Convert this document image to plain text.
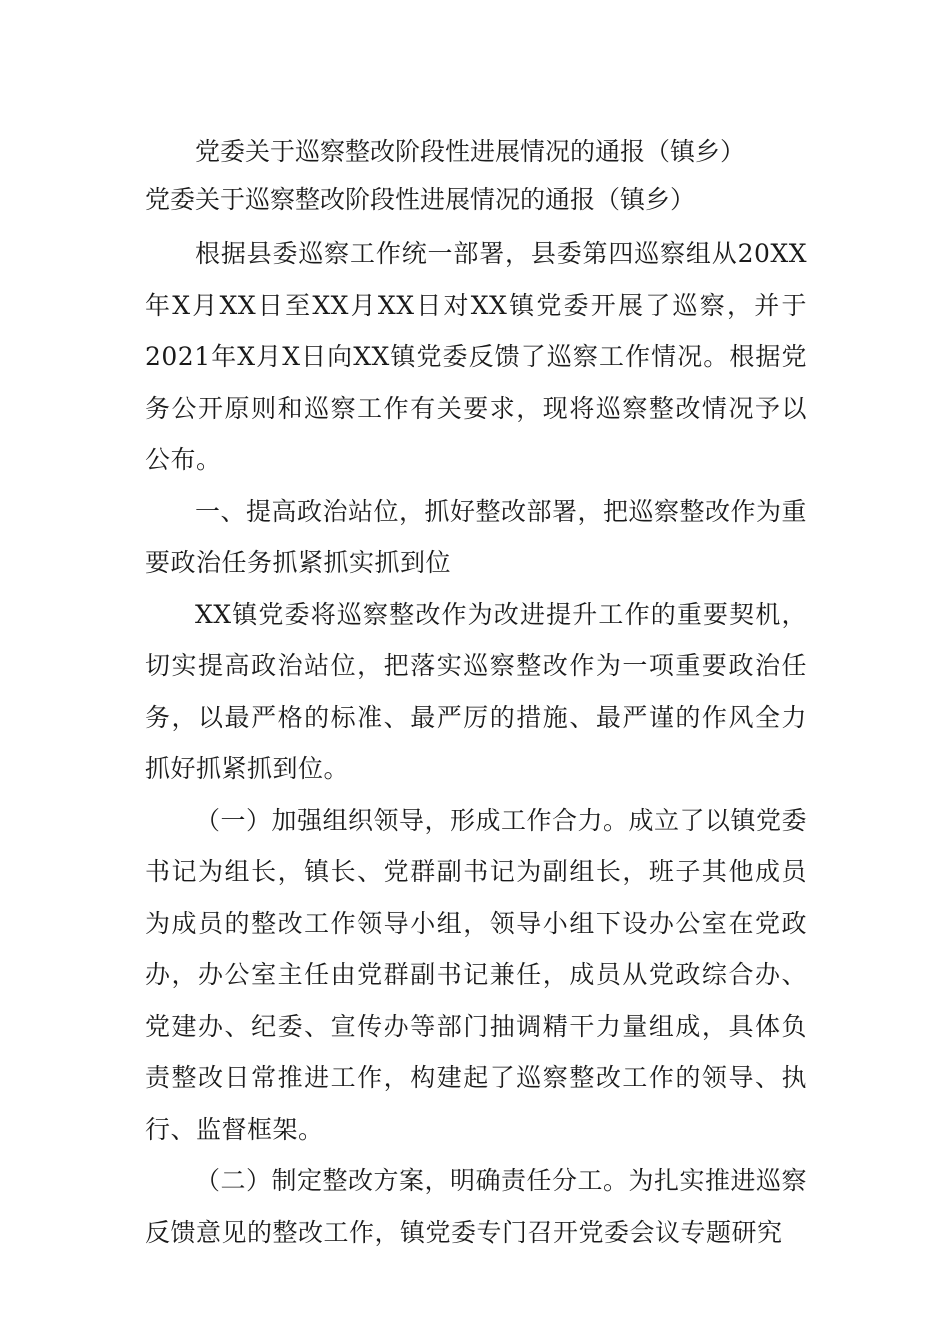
党委关于巡察整改阶段性进展情况的通报（镇乡）

党委关于巡察整改阶段性进展情况的通报（镇乡）

根据县委巡察工作统一部署，县委第四巡察组从20XX年X月XX日至XX月XX日对XX镇党委开展了巡察，并于2021年X月X日向XX镇党委反馈了巡察工作情况。根据党务公开原则和巡察工作有关要求，现将巡察整改情况予以公布。

一、提高政治站位，抓好整改部署，把巡察整改作为重要政治任务抓紧抓实抓到位

XX镇党委将巡察整改作为改进提升工作的重要契机，切实提高政治站位，把落实巡察整改作为一项重要政治任务，以最严格的标准、最严厉的措施、最严谨的作风全力抓好抓紧抓到位。

（一）加强组织领导，形成工作合力。成立了以镇党委书记为组长，镇长、党群副书记为副组长，班子其他成员为成员的整改工作领导小组，领导小组下设办公室在党政办，办公室主任由党群副书记兼任，成员从党政综合办、党建办、纪委、宣传办等部门抽调精干力量组成，具体负责整改日常推进工作，构建起了巡察整改工作的领导、执行、监督框架。

（二）制定整改方案，明确责任分工。为扎实推进巡察反馈意见的整改工作，镇党委专门召开党委会议专题研究
